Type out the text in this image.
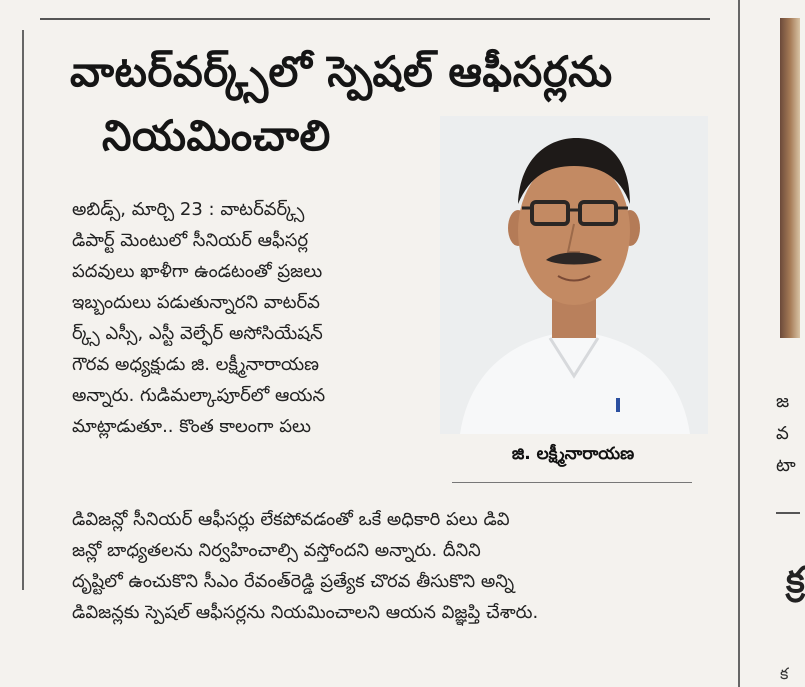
వాటర్‌వర్క్స్‌లో స్పెషల్ ఆఫీసర్లను
నియమించాలి

అబిడ్స్, మార్చి 23 : వాటర్‌వర్క్స్

డిపార్ట్ మెంటులో సీనియర్ ఆఫీసర్ల

పదవులు ఖాళీగా ఉండటంతో ప్రజలు

ఇబ్బందులు పడుతున్నారని వాటర్‌వ

ర్క్స్ ఎస్సీ, ఎస్టీ వెల్ఫేర్ అసోసియేషన్

గౌరవ అధ్యక్షుడు జి. లక్ష్మీనారాయణ

అన్నారు. గుడిమల్కాపూర్‌లో ఆయన

మాట్లాడుతూ.. కొంత కాలంగా పలు

జి. లక్ష్మీనారాయణ
డివిజన్లో సీనియర్ ఆఫీసర్లు లేకపోవడంతో ఒకే అధికారి పలు డివి
జన్లో బాధ్యతలను నిర్వహించాల్సి వస్తోందని అన్నారు. దీనిని
దృష్టిలో ఉంచుకొని సీఎం రేవంత్‌రెడ్డి ప్రత్యేక చొరవ తీసుకొని అన్ని
డివిజన్లకు స్పెషల్ ఆఫీసర్లను నియమించాలని ఆయన విజ్ఞప్తి చేశారు.
జ
వ
టా
క్ర
క
